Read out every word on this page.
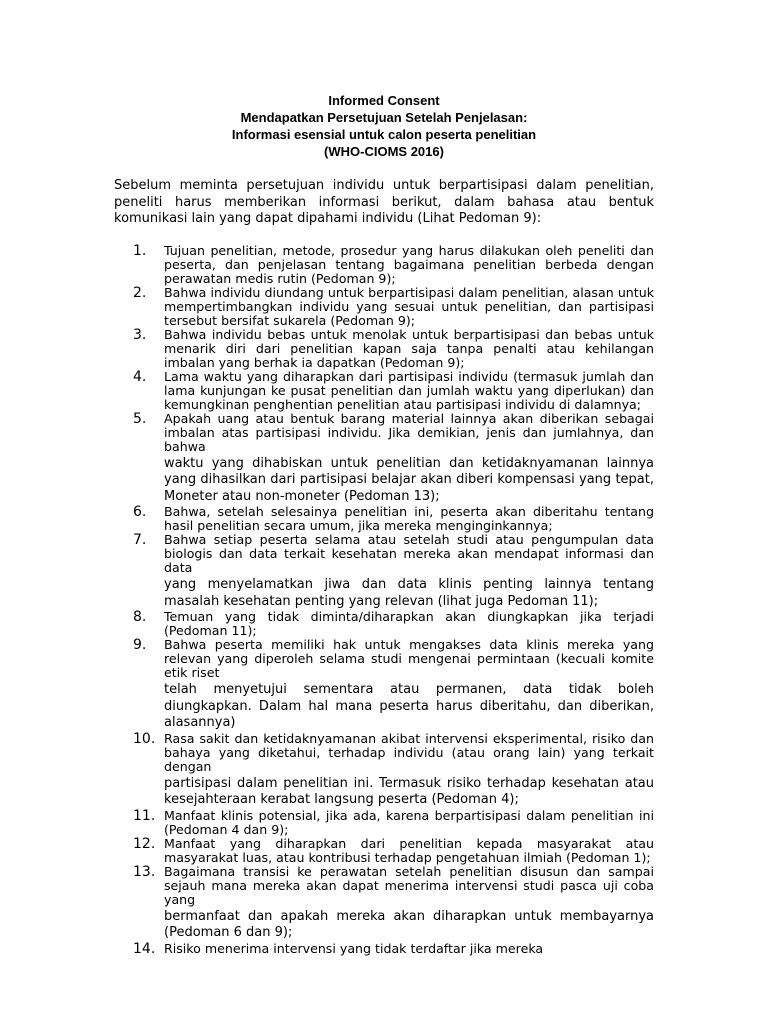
Informed Consent
Mendapatkan Persetujuan Setelah Penjelasan:
Informasi esensial untuk calon peserta penelitian
(WHO-CIOMS 2016)

Sebelum meminta persetujuan individu untuk berpartisipasi dalam penelitian, peneliti harus memberikan informasi berikut, dalam bahasa atau bentuk komunikasi lain yang dapat dipahami individu (Lihat Pedoman 9):

1. Tujuan penelitian, metode, prosedur yang harus dilakukan oleh peneliti dan peserta, dan penjelasan tentang bagaimana penelitian berbeda dengan perawatan medis rutin (Pedoman 9);
2. Bahwa individu diundang untuk berpartisipasi dalam penelitian, alasan untuk mempertimbangkan individu yang sesuai untuk penelitian, dan partisipasi tersebut bersifat sukarela (Pedoman 9);
3. Bahwa individu bebas untuk menolak untuk berpartisipasi dan bebas untuk menarik diri dari penelitian kapan saja tanpa penalti atau kehilangan imbalan yang berhak ia dapatkan (Pedoman 9);
4. Lama waktu yang diharapkan dari partisipasi individu (termasuk jumlah dan lama kunjungan ke pusat penelitian dan jumlah waktu yang diperlukan) dan kemungkinan penghentian penelitian atau partisipasi individu di dalamnya;
5. Apakah uang atau bentuk barang material lainnya akan diberikan sebagai imbalan atas partisipasi individu. Jika demikian, jenis dan jumlahnya, dan bahwa
waktu yang dihabiskan untuk penelitian dan ketidaknyamanan lainnya yang dihasilkan dari partisipasi belajar akan diberi kompensasi yang tepat, Moneter atau non-moneter (Pedoman 13);
6. Bahwa, setelah selesainya penelitian ini, peserta akan diberitahu tentang hasil penelitian secara umum, jika mereka menginginkannya;
7. Bahwa setiap peserta selama atau setelah studi atau pengumpulan data biologis dan data terkait kesehatan mereka akan mendapat informasi dan data
yang menyelamatkan jiwa dan data klinis penting lainnya tentang masalah kesehatan penting yang relevan (lihat juga Pedoman 11);
8. Temuan yang tidak diminta/diharapkan akan diungkapkan jika terjadi (Pedoman 11);
9. Bahwa peserta memiliki hak untuk mengakses data klinis mereka yang relevan yang diperoleh selama studi mengenai permintaan (kecuali komite etik riset
telah menyetujui sementara atau permanen, data tidak boleh diungkapkan. Dalam hal mana peserta harus diberitahu, dan diberikan, alasannya)
10. Rasa sakit dan ketidaknyamanan akibat intervensi eksperimental, risiko dan bahaya yang diketahui, terhadap individu (atau orang lain) yang terkait dengan
partisipasi dalam penelitian ini. Termasuk risiko terhadap kesehatan atau kesejahteraan kerabat langsung peserta (Pedoman 4);
11. Manfaat klinis potensial, jika ada, karena berpartisipasi dalam penelitian ini (Pedoman 4 dan 9);
12. Manfaat yang diharapkan dari penelitian kepada masyarakat atau masyarakat luas, atau kontribusi terhadap pengetahuan ilmiah (Pedoman 1);
13. Bagaimana transisi ke perawatan setelah penelitian disusun dan sampai sejauh mana mereka akan dapat menerima intervensi studi pasca uji coba yang
bermanfaat dan apakah mereka akan diharapkan untuk membayarnya (Pedoman 6 dan 9);
14. Risiko menerima intervensi yang tidak terdaftar jika mereka
